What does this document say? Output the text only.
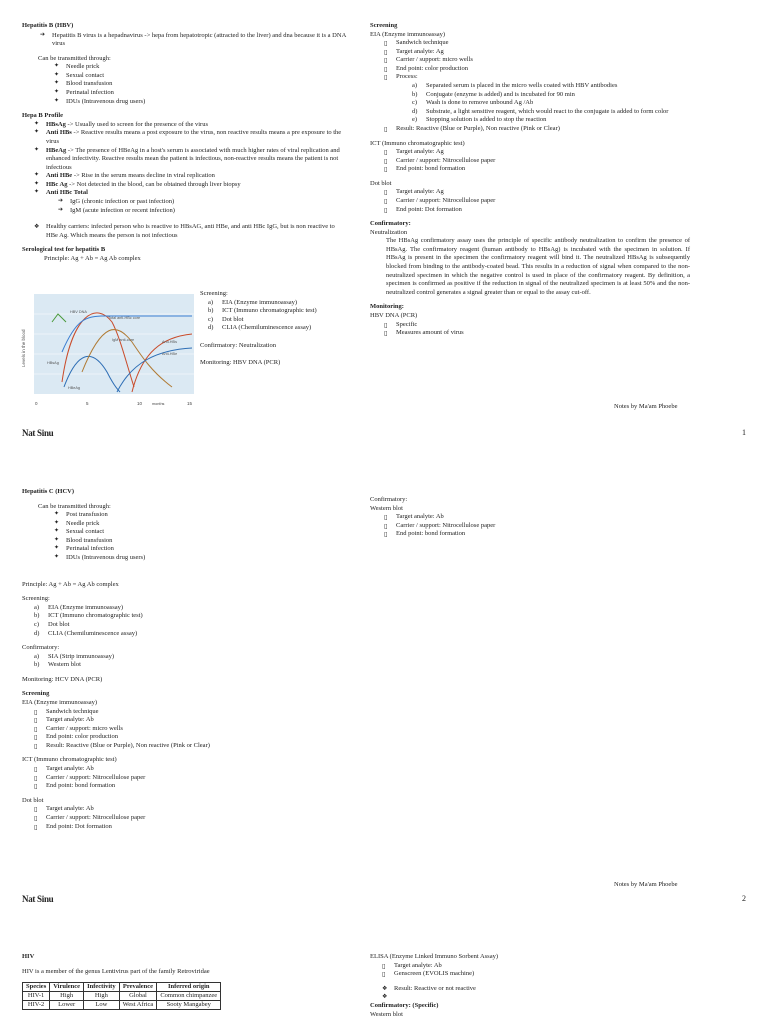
Hepatitis B (HBV)
➔ Hepatitis B virus is a hepadnavirus -> hepa from hepatotropic (attracted to the liver) and dna because it is a DNA virus
Can be transmitted through:
✦ Needle prick
✦ Sexual contact
✦ Blood transfusion
✦ Perinatal infection
✦ IDUs (Intravenous drug users)
Hepa B Profile
✦ HBsAg -> Usually used to screen for the presence of the virus
✦ Anti HBs -> Reactive results means a post exposure to the virus, non reactive results means a pre exposure to the virus
✦ HBeAg -> The presence of HBeAg in a host's serum is associated with much higher rates of viral replication and enhanced infectivity. Reactive results mean the patient is infectious, non-reactive results means the patient is not infectious
✦ Anti HBe -> Rise in the serum means decline in viral replication
✦ HBc Ag -> Not detected in the blood, can be obtained through liver biopsy
✦ Anti HBc Total
➔ IgG (chronic infection or past infection)
➔ IgM (acute infection or recent infection)
❖ Healthy carriers: infected person who is reactive to HBsAG, anti HBe, and anti HBc IgG, but is non reactive to HBe Ag. Which means the person is not infectious
Serological test for hepatitis B
Principle: Ag + Ab = Ag Ab complex
Levels in the blood
HBV DNA
Total anti-HBc core
IgM anti-core
HBsAg
HBeAg
Anti-HBs
Anti-HBe
0	5	10	15
months
Screening:
a) EIA (Enzyme immunoassay)
b) ICT (Immuno chromatographic test)
c) Dot blot
d) CLIA (Chemiluminescence assay)
Confirmatory: Neutralization
Monitoring: HBV DNA (PCR)
Screening
EIA (Enzyme immunoassay)
▯ Sandwich technique
▯ Target analyte: Ag
▯ Carrier / support: micro wells
▯ End point: color production
▯ Process:
a) Separated serum is placed in the micro wells coated with HBV antibodies
b) Conjugate (enzyme is added) and is incubated for 90 min
c) Wash is done to remove unbound Ag /Ab
d) Substrate, a light sensitive reagent, which would react to the conjugate is added to form color
e) Stopping solution is added to stop the reaction
▯ Result: Reactive (Blue or Purple), Non reactive (Pink or Clear)
ICT (Immuno chromatographic test)
▯ Target analyte: Ag
▯ Carrier / support: Nitrocellulose paper
▯ End point: bond formation
Dot blot
▯ Target analyte: Ag
▯ Carrier / support: Nitrocellulose paper
▯ End point: Dot formation
Confirmatory:
Neutralization
The HBsAg confirmatory assay uses the principle of specific antibody neutralization to confirm the presence of HBsAg. The confirmatory reagent (human antibody to HBsAg) is incubated with the specimen in solution. If HBsAg is present in the specimen the confirmatory reagent will bind it. The neutralized HBsAg is subsequently blocked from binding to the antibody-coated bead. This results in a reduction of signal when compared to the non-neutralized specimen in which the negative control is used in place of the confirmatory reagent. By definition, a specimen is confirmed as positive if the reduction in signal of the neutralized specimen is at least 50% and the non-neutralized control generates a signal greater than or equal to the assay cut-off.
Monitoring:
HBV DNA (PCR)
▯ Specific
▯ Measures amount of virus
Notes by Ma'am Phoebe
Nat Sinu	1
Hepatitis C (HCV)
Can be transmitted through:
✦ Post transfusion
✦ Needle prick
✦ Sexual contact
✦ Blood transfusion
✦ Perinatal infection
✦ IDUs (Intravenous drug users)
Principle: Ag + Ab = Ag Ab complex
Screening:
a) EIA (Enzyme immunoassay)
b) ICT (Immuno chromatographic test)
c) Dot blot
d) CLIA (Chemiluminescence assay)
Confirmatory:
a) SIA (Strip immunoassay)
b) Western blot
Monitoring: HCV DNA (PCR)
Screening
EIA (Enzyme immunoassay)
▯ Sandwich technique
▯ Target analyte: Ab
▯ Carrier / support: micro wells
▯ End point: color production
▯ Result: Reactive (Blue or Purple), Non reactive (Pink or Clear)
ICT (Immuno chromatographic test)
▯ Target analyte: Ab
▯ Carrier / support: Nitrocellulose paper
▯ End point: bond formation
Dot blot
▯ Target analyte: Ab
▯ Carrier / support: Nitrocellulose paper
▯ End point: Dot formation
Confirmatory:
Western blot
▯ Target analyte: Ab
▯ Carrier / support: Nitrocellulose paper
▯ End point: bond formation
Notes by Ma'am Phoebe
Nat Sinu	2
HIV
HIV is a member of the genus Lentivirus part of the family Retroviridae
Species	Virulence	Infectivity	Prevalence	Inferred origin
HIV-1	High	High	Global	Common chimpanzee
HIV-2	Lower	Low	West Africa	Sooty Mangabey
ELISA (Enzyme Linked Immuno Sorbent Assay)
▯ Target analyte: Ab
▯ Genscreen (EVOLIS machine)
❖ Result: Reactive or not reactive
❖
Confirmatory: (Specific)
Western blot
